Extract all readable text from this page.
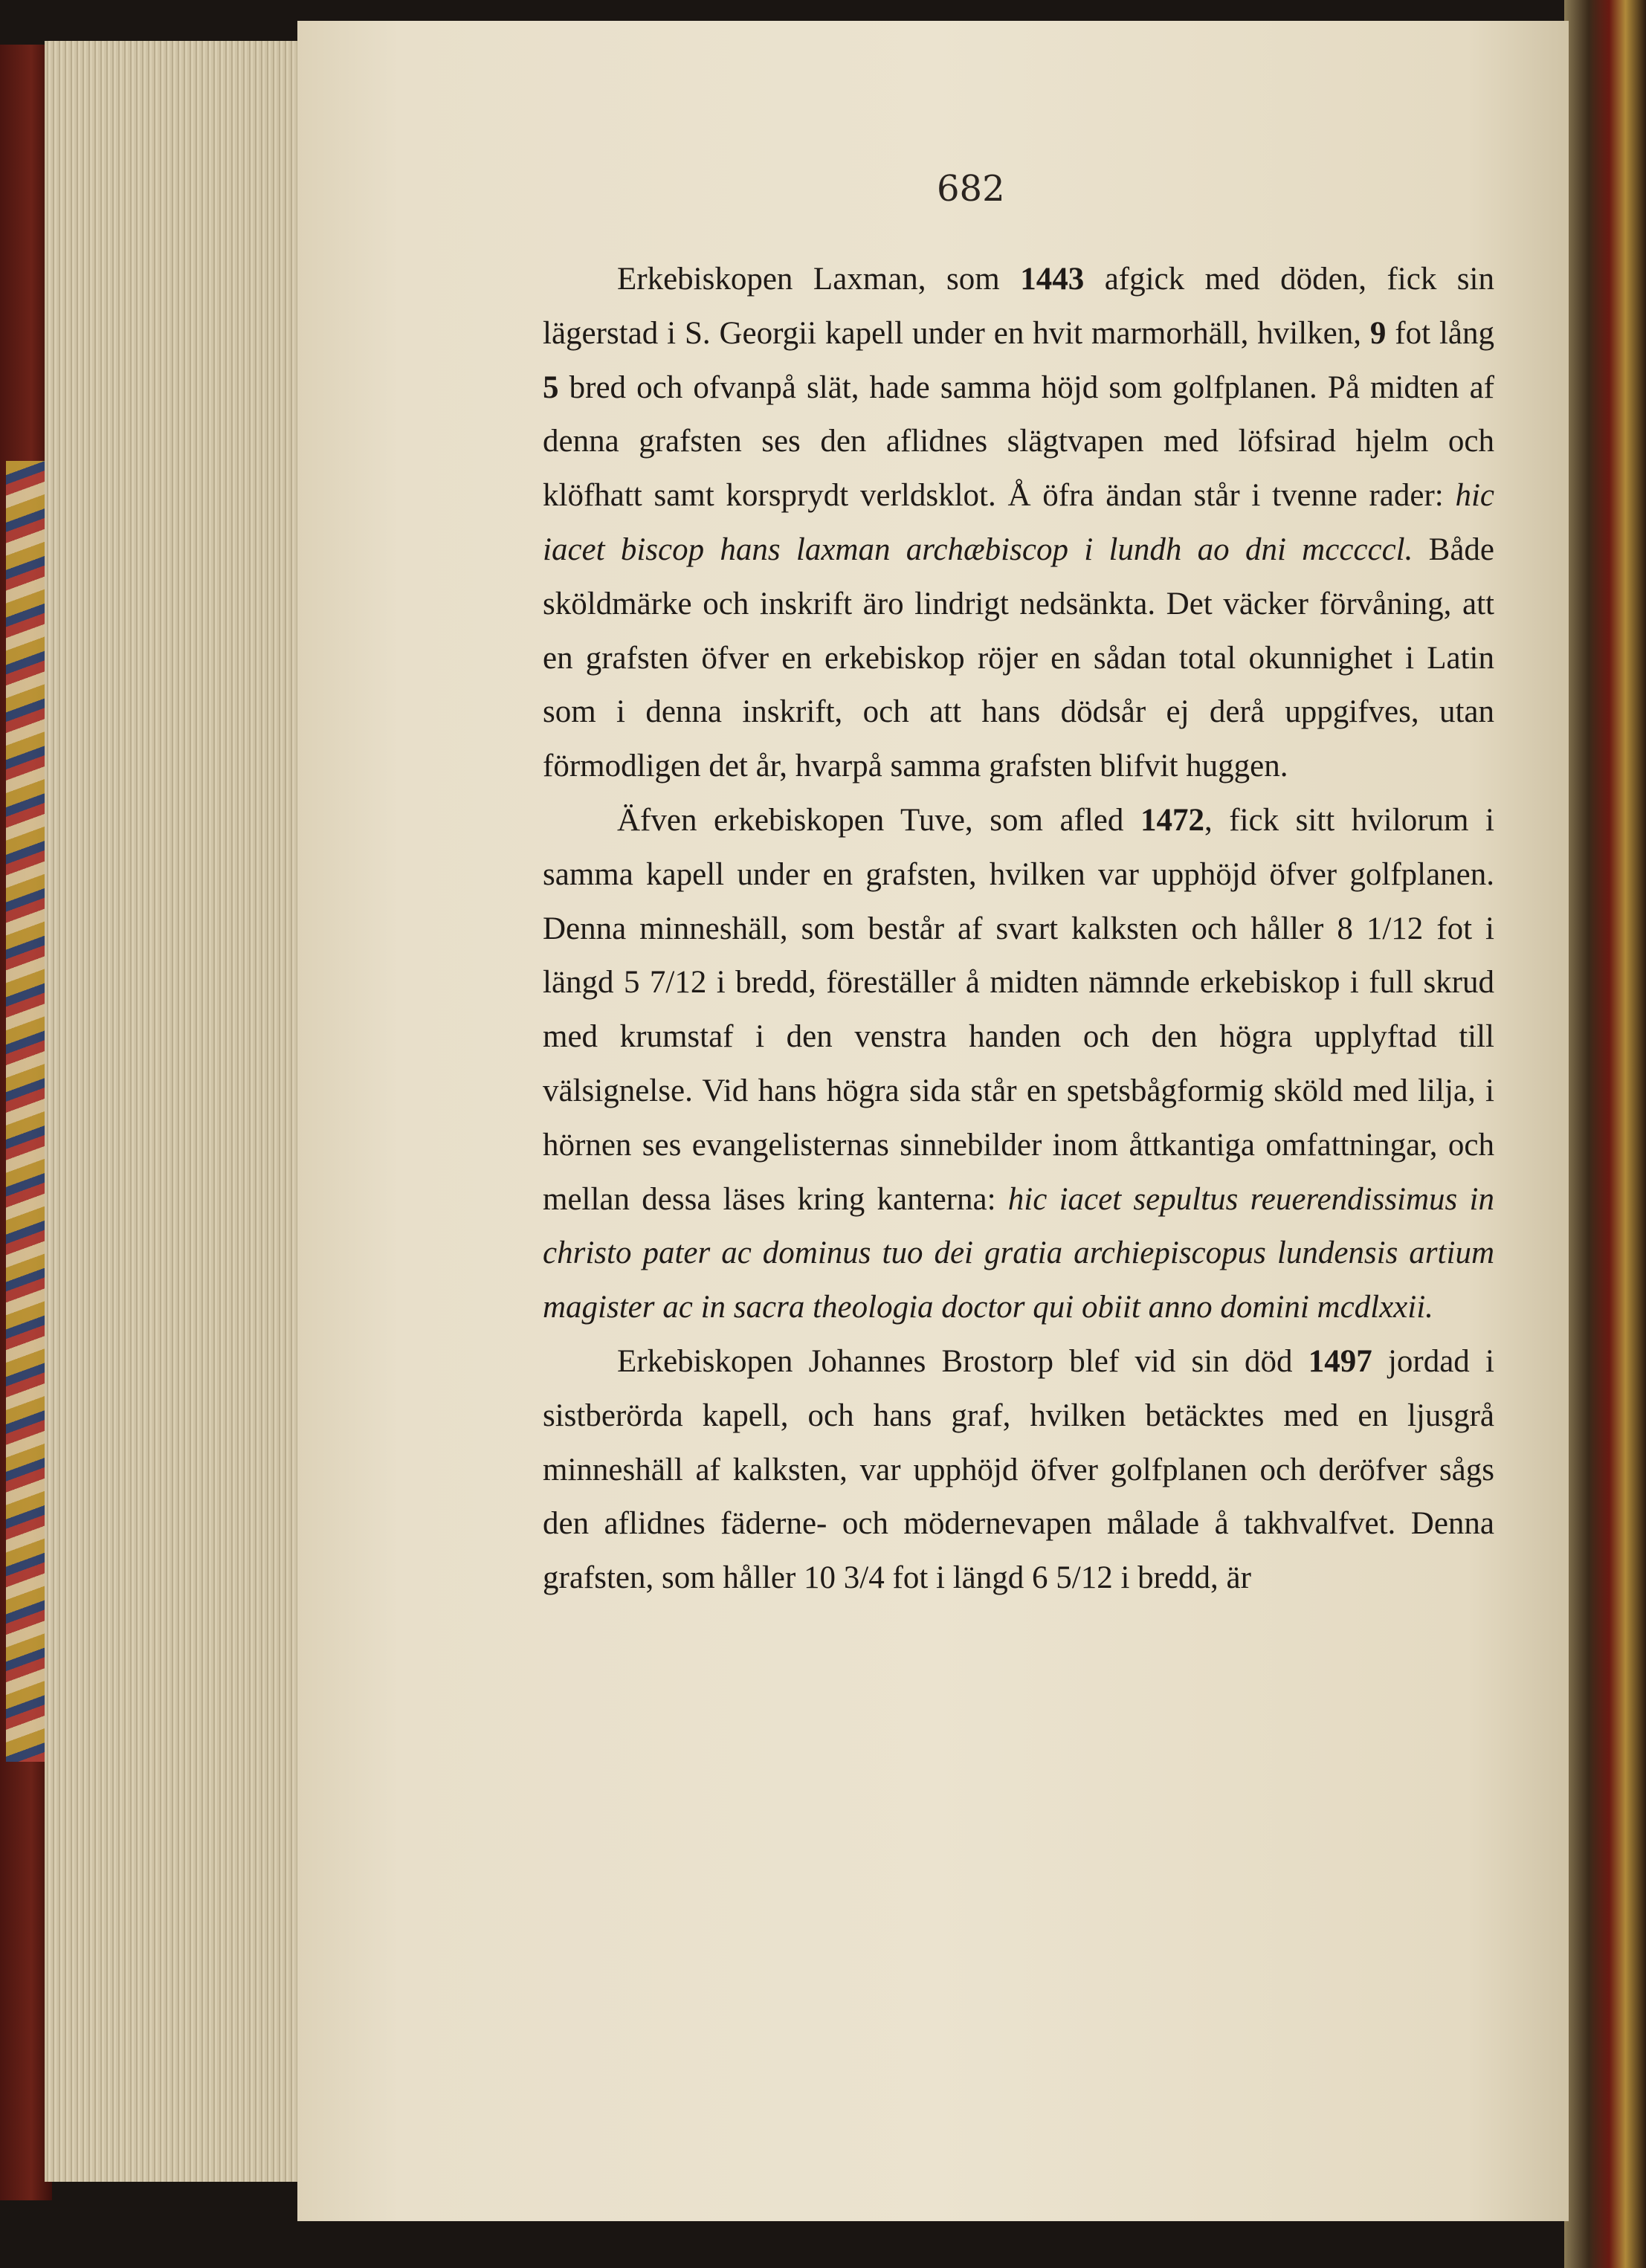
682

Erkebiskopen Laxman, som 1443 afgick med döden, fick sin lägerstad i S. Georgii kapell under en hvit marmorhäll, hvilken, 9 fot lång 5 bred och ofvanpå slät, hade samma höjd som golfplanen. På midten af denna grafsten ses den aflidnes slägtvapen med löfsirad hjelm och klöfhatt samt korsprydt verldsklot. Å öfra ändan står i tvenne rader: hic iacet biscop hans laxman archæbiscop i lundh ao dni mcccccl. Både sköldmärke och inskrift äro lindrigt nedsänkta. Det väcker förvåning, att en grafsten öfver en erkebiskop röjer en sådan total okunnighet i Latin som i denna inskrift, och att hans dödsår ej derå uppgifves, utan förmodligen det år, hvarpå samma grafsten blifvit huggen.

Äfven erkebiskopen Tuve, som afled 1472, fick sitt hvilorum i samma kapell under en grafsten, hvilken var upphöjd öfver golfplanen. Denna minneshäll, som består af svart kalksten och håller 8 1/12 fot i längd 5 7/12 i bredd, föreställer å midten nämnde erkebiskop i full skrud med krumstaf i den venstra handen och den högra upplyftad till välsignelse. Vid hans högra sida står en spetsbågformig sköld med lilja, i hörnen ses evangelisternas sinnebilder inom åttkantiga omfattningar, och mellan dessa läses kring kanterna: hic iacet sepultus reuerendissimus in christo pater ac dominus tuo dei gratia archiepiscopus lundensis artium magister ac in sacra theologia doctor qui obiit anno domini mcdlxxii.

Erkebiskopen Johannes Brostorp blef vid sin död 1497 jordad i sistberörda kapell, och hans graf, hvilken betäcktes med en ljusgrå minneshäll af kalksten, var upphöjd öfver golfplanen och deröfver sågs den aflidnes fäderne- och mödernevapen målade å takhvalfvet. Denna grafsten, som håller 10 3/4 fot i längd 6 5/12 i bredd, är
